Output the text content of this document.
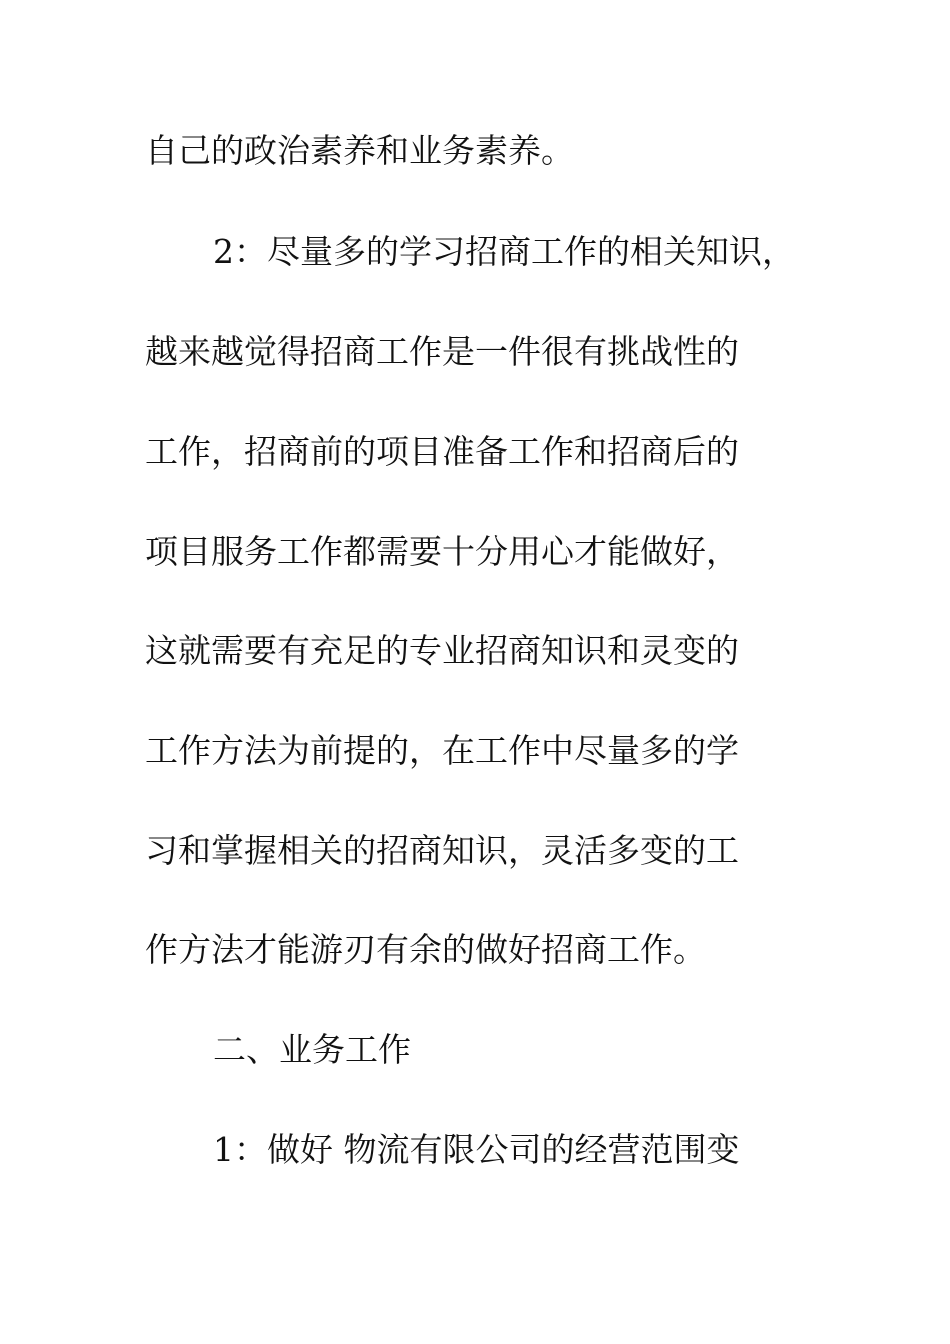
自己的政治素养和业务素养。
2：尽量多的学习招商工作的相关知识，
越来越觉得招商工作是一件很有挑战性的
工作，招商前的项目准备工作和招商后的
项目服务工作都需要十分用心才能做好，
这就需要有充足的专业招商知识和灵变的
工作方法为前提的，在工作中尽量多的学
习和掌握相关的招商知识，灵活多变的工
作方法才能游刃有余的做好招商工作。
二、业务工作
1：做好 物流有限公司的经营范围变
